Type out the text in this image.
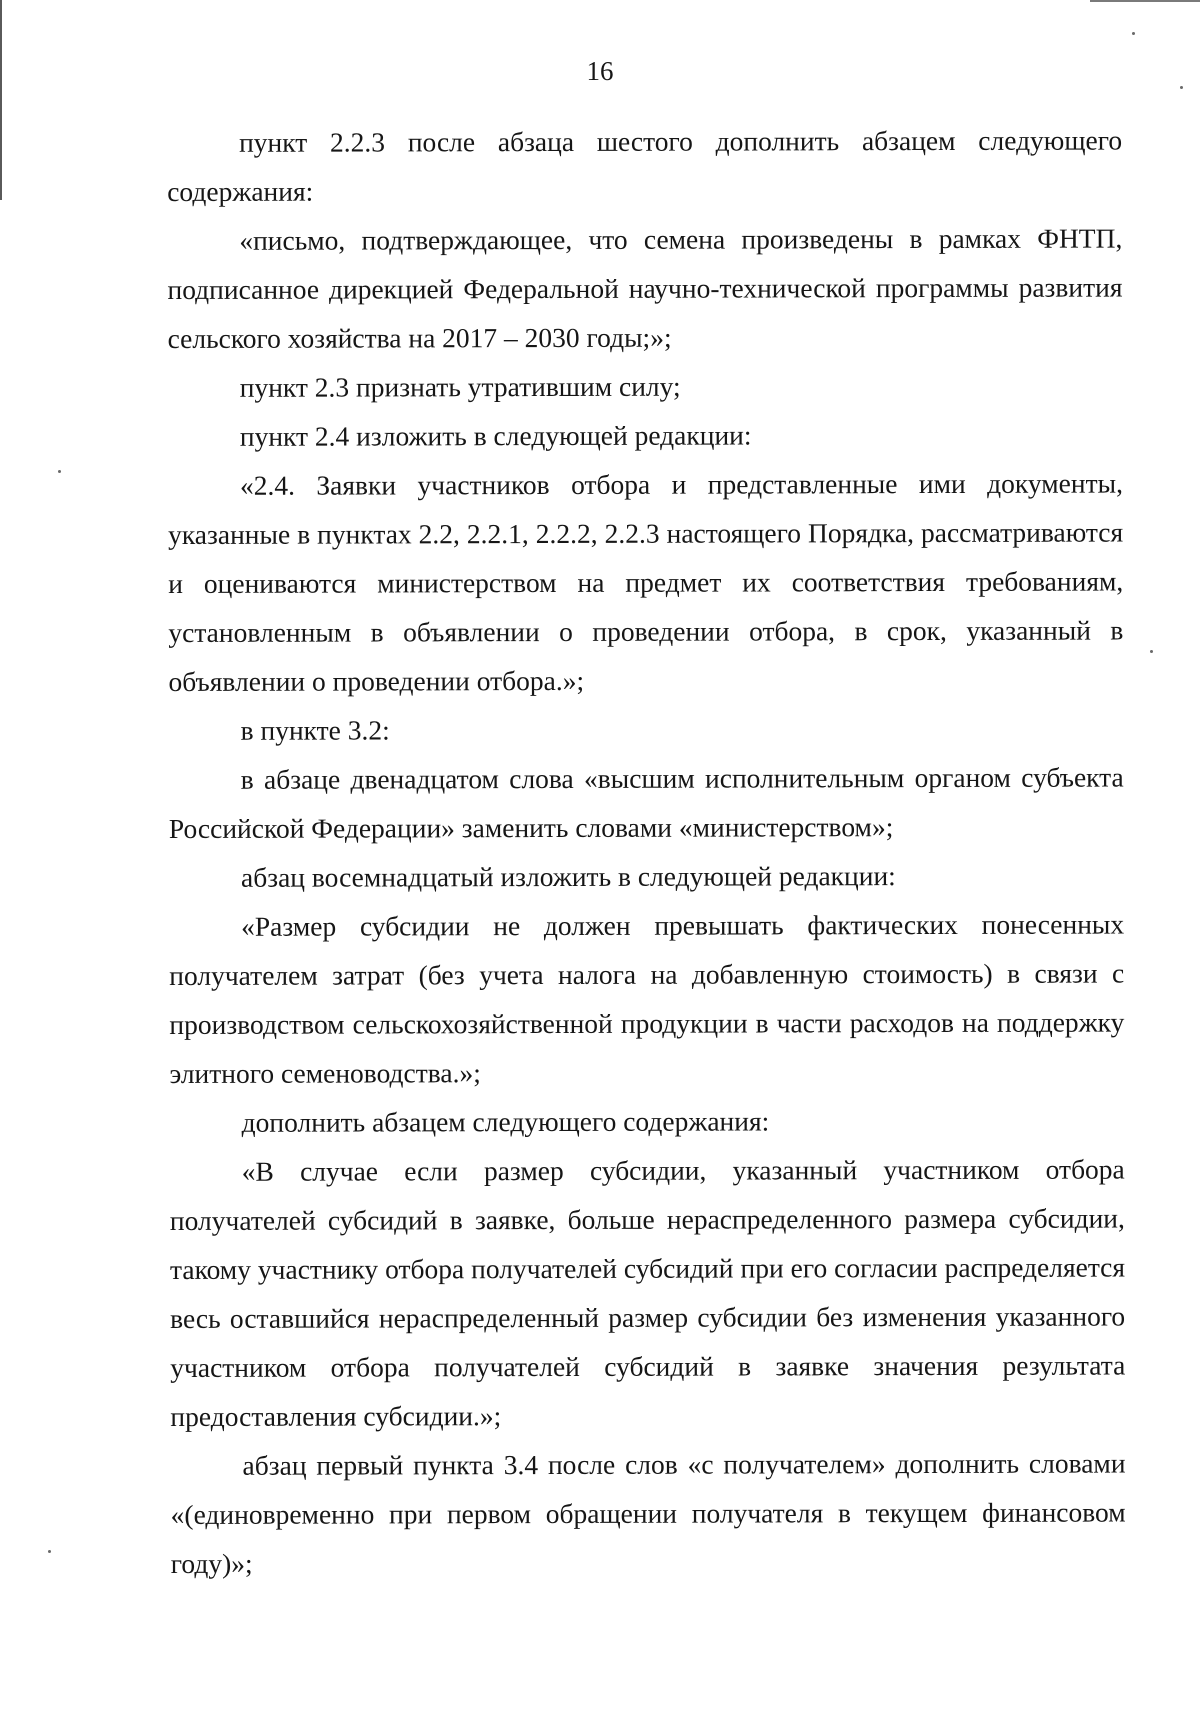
16

пункт 2.2.3 после абзаца шестого дополнить абзацем следующего содержания:

«письмо, подтверждающее, что семена произведены в рамках ФНТП, подписанное дирекцией Федеральной научно-технической программы развития сельского хозяйства на 2017 – 2030 годы;»;

пункт 2.3 признать утратившим силу;

пункт 2.4 изложить в следующей редакции:

«2.4. Заявки участников отбора и представленные ими документы, указанные в пунктах 2.2, 2.2.1, 2.2.2, 2.2.3 настоящего Порядка, рассматриваются и оцениваются министерством на предмет их соответствия требованиям, установленным в объявлении о проведении отбора, в срок, указанный в объявлении о проведении отбора.»;

в пункте 3.2:

в абзаце двенадцатом слова «высшим исполнительным органом субъекта Российской Федерации» заменить словами «министерством»;

абзац восемнадцатый изложить в следующей редакции:

«Размер субсидии не должен превышать фактических понесенных получателем затрат (без учета налога на добавленную стоимость) в связи с производством сельскохозяйственной продукции в части расходов на поддержку элитного семеноводства.»;

дополнить абзацем следующего содержания:

«В случае если размер субсидии, указанный участником отбора получателей субсидий в заявке, больше нераспределенного размера субсидии, такому участнику отбора получателей субсидий при его согласии распределяется весь оставшийся нераспределенный размер субсидии без изменения указанного участником отбора получателей субсидий в заявке значения результата предоставления субсидии.»;

абзац первый пункта 3.4 после слов «с получателем» дополнить словами «(единовременно при первом обращении получателя в текущем финансовом году)»;
